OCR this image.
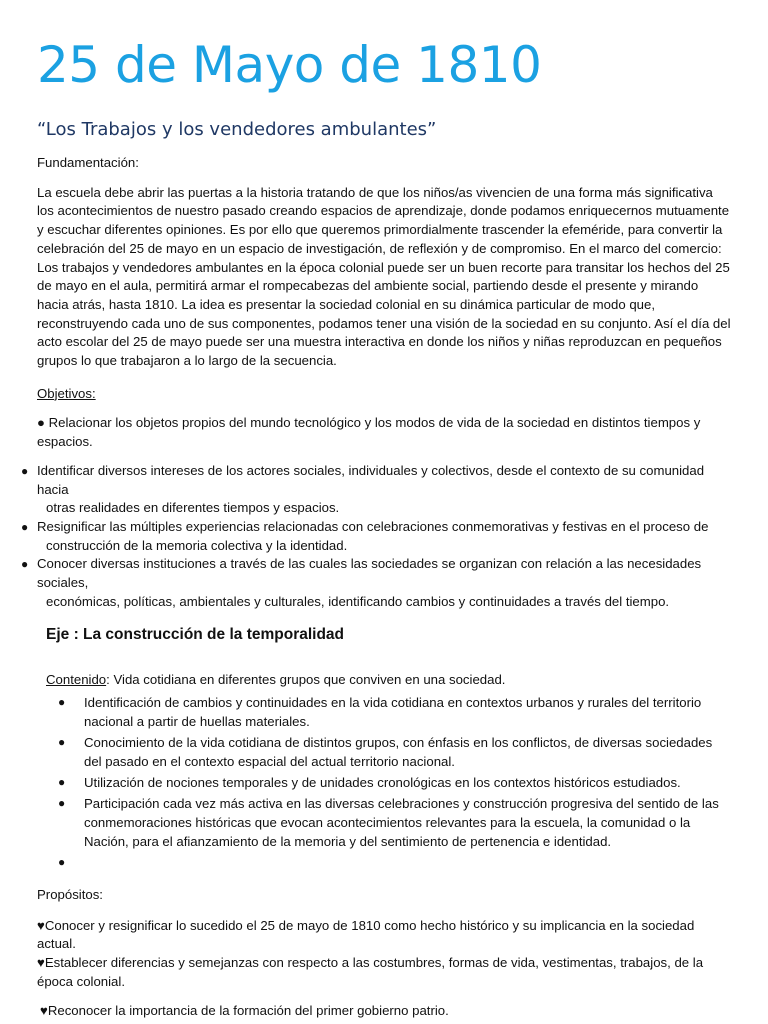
25 de Mayo de 1810
“Los Trabajos y los vendedores ambulantes”

Fundamentación:

La escuela debe abrir las puertas a la historia tratando de que los niños/as vivencien de una forma más significativa los acontecimientos de nuestro pasado creando espacios de aprendizaje, donde podamos enriquecernos mutuamente y escuchar diferentes opiniones. Es por ello que queremos primordialmente trascender la efeméride, para convertir la celebración del 25 de mayo en un espacio de investigación, de reflexión y de compromiso. En el marco del comercio: Los trabajos y vendedores ambulantes en la época colonial puede ser un buen recorte para transitar los hechos del 25 de mayo en el aula, permitirá armar el rompecabezas del ambiente social, partiendo desde el presente y mirando hacia atrás, hasta 1810. La idea es presentar la sociedad colonial en su dinámica particular de modo que, reconstruyendo cada uno de sus componentes, podamos tener una visión de la sociedad en su conjunto. Así el día del acto escolar del 25 de mayo puede ser una muestra interactiva en donde los niños y niñas reproduzcan en pequeños grupos lo que trabajaron a lo largo de la secuencia.

Objetivos:

● Relacionar los objetos propios del mundo tecnológico y los modos de vida de la sociedad en distintos tiempos y espacios.

● Identificar diversos intereses de los actores sociales, individuales y colectivos, desde el contexto de su comunidad hacia
otras realidades en diferentes tiempos y espacios.
● Resignificar las múltiples experiencias relacionadas con celebraciones conmemorativas y festivas en el proceso de
construcción de la memoria colectiva y la identidad.
● Conocer diversas instituciones a través de las cuales las sociedades se organizan con relación a las necesidades sociales,
económicas, políticas, ambientales y culturales, identificando cambios y continuidades a través del tiempo.
Eje : La construcción de la temporalidad

Contenido: Vida cotidiana en diferentes grupos que conviven en una sociedad.

● Identificación de cambios y continuidades en la vida cotidiana en contextos urbanos y rurales del territorio nacional a partir de huellas materiales.
● Conocimiento de la vida cotidiana de distintos grupos, con énfasis en los conflictos, de diversas sociedades del pasado en el contexto espacial del actual territorio nacional.
● Utilización de nociones temporales y de unidades cronológicas en los contextos históricos estudiados.
● Participación cada vez más activa en las diversas celebraciones y construcción progresiva del sentido de las conmemoraciones históricas que evocan acontecimientos relevantes para la escuela, la comunidad o la Nación, para el afianzamiento de la memoria y del sentimiento de pertenencia e identidad.
●

Propósitos:

♥Conocer y resignificar lo sucedido el 25 de mayo de 1810 como hecho histórico y su implicancia en la sociedad actual.

♥Establecer diferencias y semejanzas con respecto a las costumbres, formas de vida, vestimentas, trabajos, de la época colonial.

♥Reconocer la importancia de la formación del primer gobierno patrio.
